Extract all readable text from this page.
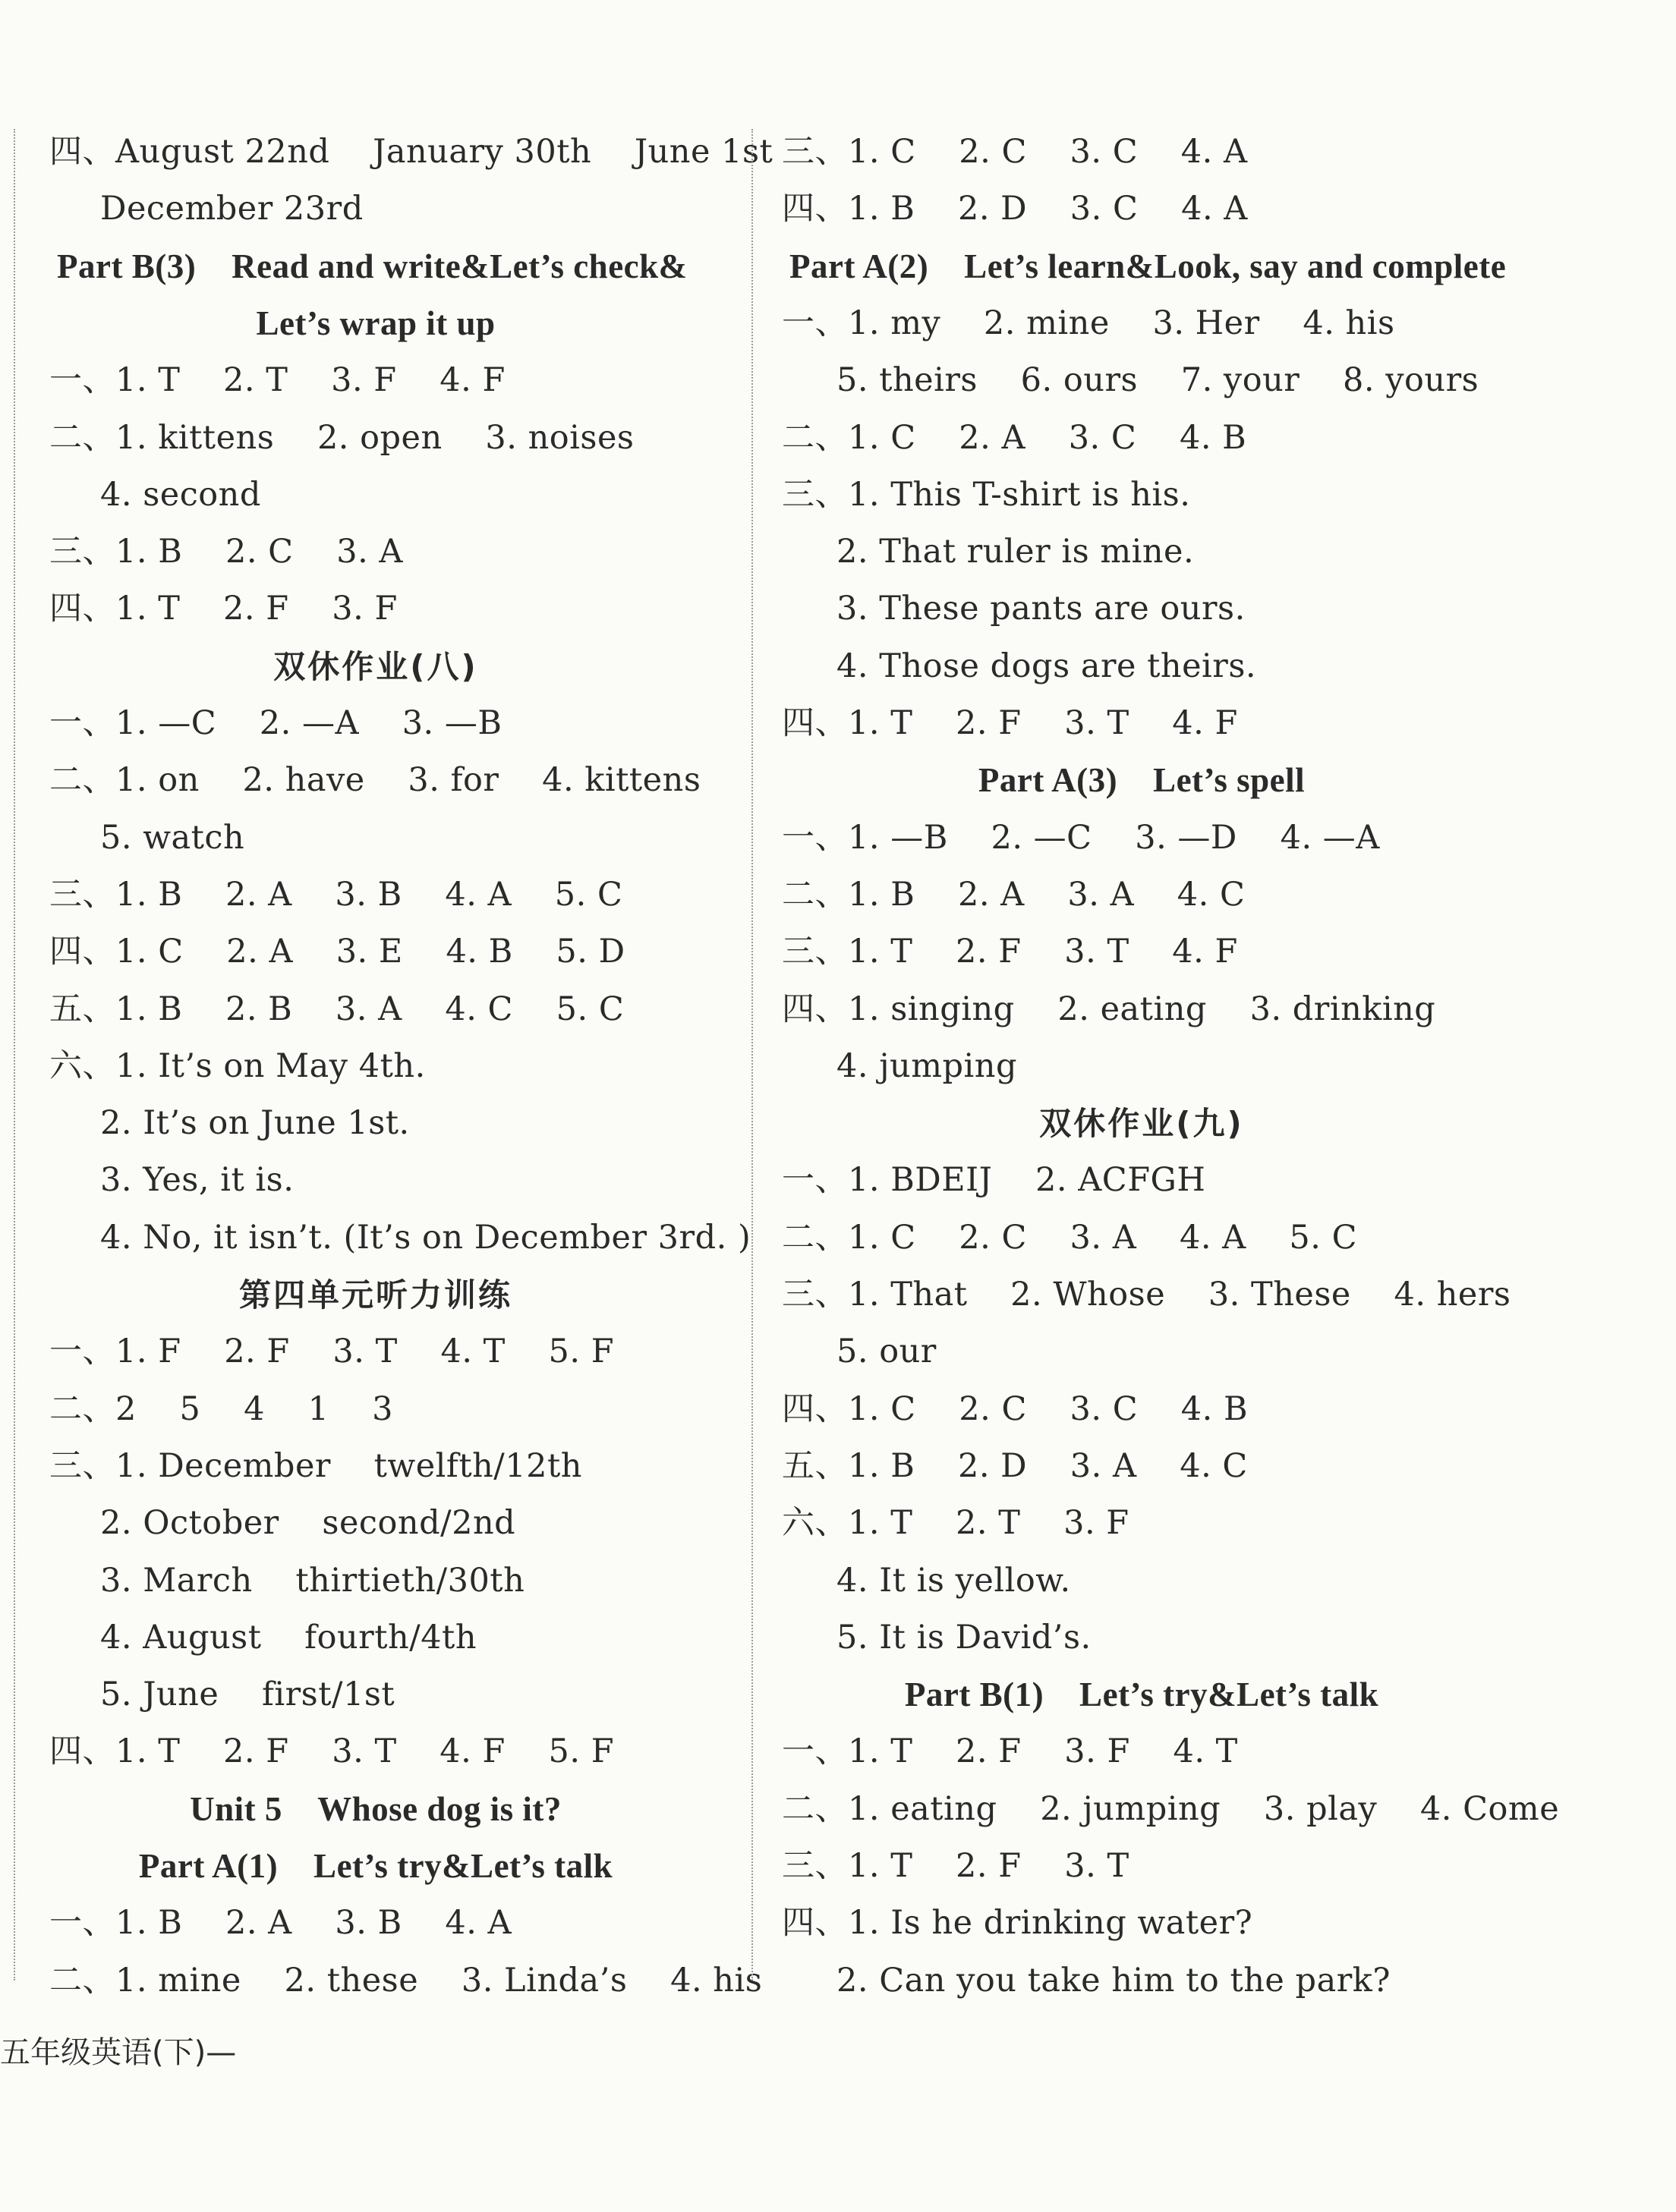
四、August 22nd    January 30th    June 1st
December 23rd
Part B(3)    Read and write&Let’s check&
Let’s wrap it up
一、1. T    2. T    3. F    4. F
二、1. kittens    2. open    3. noises
4. second
三、1. B    2. C    3. A
四、1. T    2. F    3. F
双休作业(八)
一、1. —C    2. —A    3. —B
二、1. on    2. have    3. for    4. kittens
5. watch
三、1. B    2. A    3. B    4. A    5. C
四、1. C    2. A    3. E    4. B    5. D
五、1. B    2. B    3. A    4. C    5. C
六、1. It’s on May 4th.
2. It’s on June 1st.
3. Yes, it is.
4. No, it isn’t. (It’s on December 3rd. )
第四单元听力训练
一、1. F    2. F    3. T    4. T    5. F
二、2    5    4    1    3
三、1. December    twelfth/12th
2. October    second/2nd
3. March    thirtieth/30th
4. August    fourth/4th
5. June    first/1st
四、1. T    2. F    3. T    4. F    5. F
Unit 5    Whose dog is it?
Part A(1)    Let’s try&Let’s talk
一、1. B    2. A    3. B    4. A
二、1. mine    2. these    3. Linda’s    4. his
三、1. C    2. C    3. C    4. A
四、1. B    2. D    3. C    4. A
Part A(2)    Let’s learn&Look, say and complete
一、1. my    2. mine    3. Her    4. his
5. theirs    6. ours    7. your    8. yours
二、1. C    2. A    3. C    4. B
三、1. This T-shirt is his.
2. That ruler is mine.
3. These pants are ours.
4. Those dogs are theirs.
四、1. T    2. F    3. T    4. F
Part A(3)    Let’s spell
一、1. —B    2. —C    3. —D    4. —A
二、1. B    2. A    3. A    4. C
三、1. T    2. F    3. T    4. F
四、1. singing    2. eating    3. drinking
4. jumping
双休作业(九)
一、1. BDEIJ    2. ACFGH
二、1. C    2. C    3. A    4. A    5. C
三、1. That    2. Whose    3. These    4. hers
5. our
四、1. C    2. C    3. C    4. B
五、1. B    2. D    3. A    4. C
六、1. T    2. T    3. F
4. It is yellow.
5. It is David’s.
Part B(1)    Let’s try&Let’s talk
一、1. T    2. F    3. F    4. T
二、1. eating    2. jumping    3. play    4. Come
三、1. T    2. F    3. T
四、1. Is he drinking water?
2. Can you take him to the park?
五年级英语(下)—
